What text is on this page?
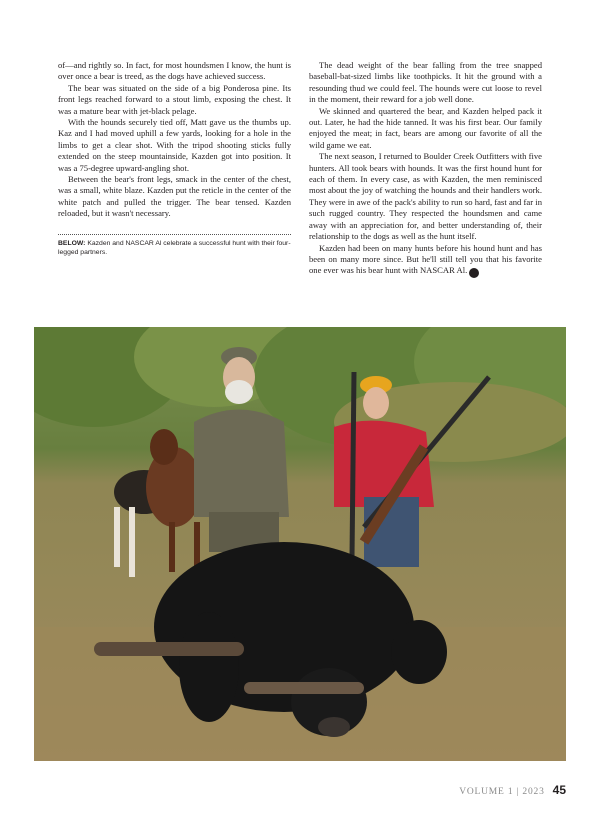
of—and rightly so. In fact, for most houndsmen I know, the hunt is over once a bear is treed, as the dogs have achieved success.

The bear was situated on the side of a big Ponderosa pine. Its front legs reached forward to a stout limb, exposing the chest. It was a mature bear with jet-black pelage.

With the hounds securely tied off, Matt gave us the thumbs up. Kaz and I had moved uphill a few yards, looking for a hole in the limbs to get a clear shot. With the tripod shooting sticks fully extended on the steep mountainside, Kazden got into position. It was a 75-degree upward-angling shot.

Between the bear's front legs, smack in the center of the chest, was a small, white blaze. Kazden put the reticle in the center of the white patch and pulled the trigger. The bear tensed. Kazden reloaded, but it wasn't necessary.

BELOW: Kazden and NASCAR Al celebrate a successful hunt with their four-legged partners.

The dead weight of the bear falling from the tree snapped baseball-bat-sized limbs like toothpicks. It hit the ground with a resounding thud we could feel. The hounds were cut loose to revel in the moment, their reward for a job well done.

We skinned and quartered the bear, and Kazden helped pack it out. Later, he had the hide tanned. It was his first bear. Our family enjoyed the meat; in fact, bears are among our favorite of all the wild game we eat.

The next season, I returned to Boulder Creek Outfitters with five hunters. All took bears with hounds. It was the first hound hunt for each of them. In every case, as with Kazden, the men reminisced most about the joy of watching the hounds and their handlers work. They were in awe of the pack's ability to run so hard, fast and far in such rugged country. They respected the houndsmen and came away with an appreciation for, and better understanding of, their relationship to the dogs as well as the hunt itself.

Kazden had been on many hunts before his hound hunt and has been on many more since. But he'll still tell you that his favorite one ever was his bear hunt with NASCAR Al. H

VOLUME 1 | 2023 45
